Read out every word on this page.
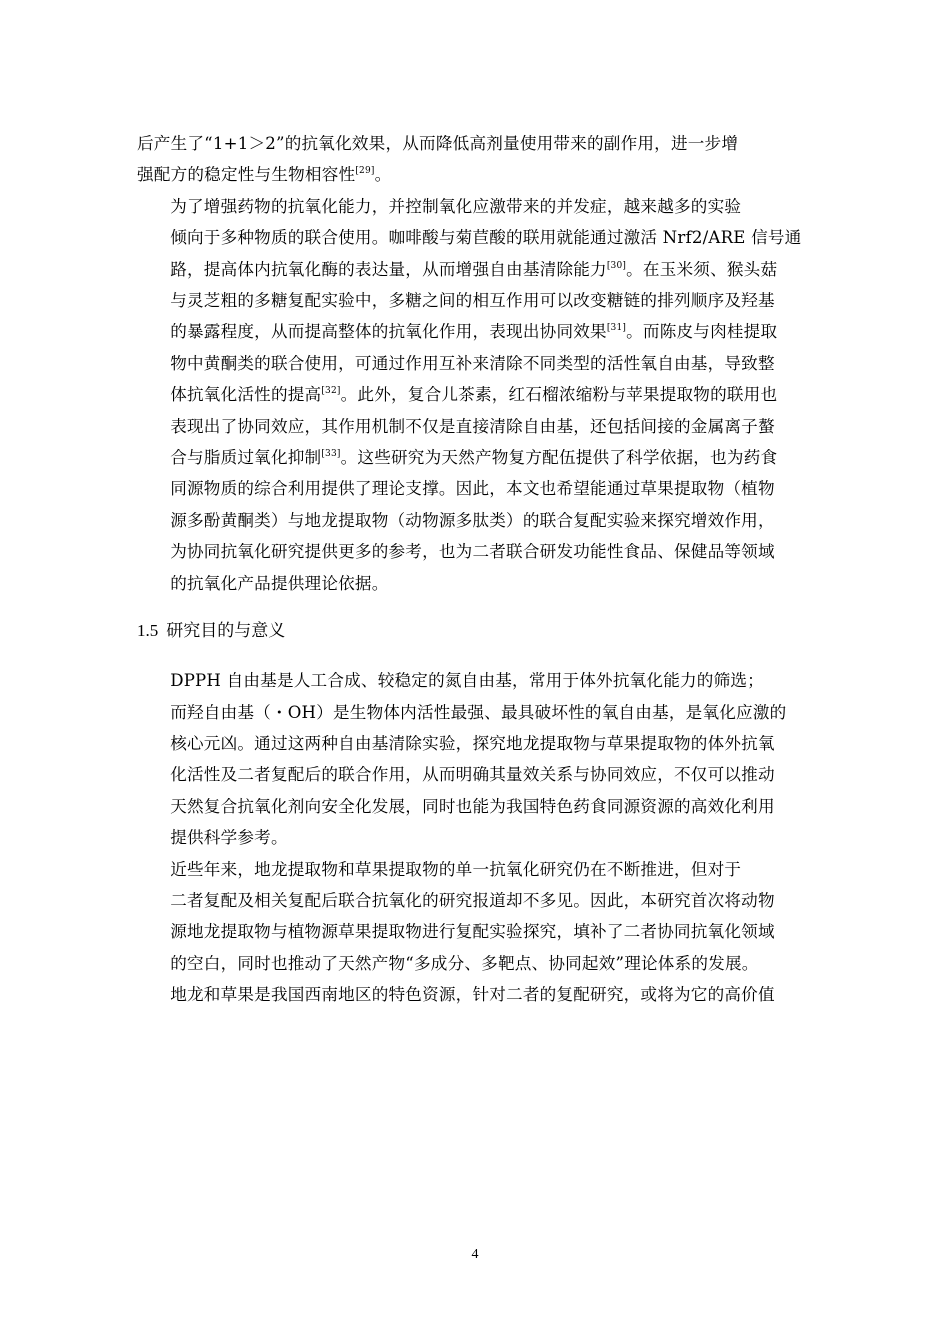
后产生了“1+1＞2”的抗氧化效果，从而降低高剂量使用带来的副作用，进一步增
强配方的稳定性与生物相容性[29]。

为了增强药物的抗氧化能力，并控制氧化应激带来的并发症，越来越多的实验
倾向于多种物质的联合使用。咖啡酸与菊苣酸的联用就能通过激活 Nrf2/ARE 信号通
路，提高体内抗氧化酶的表达量，从而增强自由基清除能力[30]。在玉米须、猴头菇
与灵芝粗的多糖复配实验中，多糖之间的相互作用可以改变糖链的排列顺序及羟基
的暴露程度，从而提高整体的抗氧化作用，表现出协同效果[31]。而陈皮与肉桂提取
物中黄酮类的联合使用，可通过作用互补来清除不同类型的活性氧自由基，导致整
体抗氧化活性的提高[32]。此外，复合儿茶素，红石榴浓缩粉与苹果提取物的联用也
表现出了协同效应，其作用机制不仅是直接清除自由基，还包括间接的金属离子螯
合与脂质过氧化抑制[33]。这些研究为天然产物复方配伍提供了科学依据，也为药食
同源物质的综合利用提供了理论支撑。因此，本文也希望能通过草果提取物（植物
源多酚黄酮类）与地龙提取物（动物源多肽类）的联合复配实验来探究增效作用，
为协同抗氧化研究提供更多的参考，也为二者联合研发功能性食品、保健品等领域
的抗氧化产品提供理论依据。

1.5 研究目的与意义

DPPH 自由基是人工合成、较稳定的氮自由基，常用于体外抗氧化能力的筛选；
而羟自由基（・OH）是生物体内活性最强、最具破坏性的氧自由基，是氧化应激的
核心元凶。通过这两种自由基清除实验，探究地龙提取物与草果提取物的体外抗氧
化活性及二者复配后的联合作用，从而明确其量效关系与协同效应，不仅可以推动
天然复合抗氧化剂向安全化发展，同时也能为我国特色药食同源资源的高效化利用
提供科学参考。

近些年来，地龙提取物和草果提取物的单一抗氧化研究仍在不断推进，但对于
二者复配及相关复配后联合抗氧化的研究报道却不多见。因此，本研究首次将动物
源地龙提取物与植物源草果提取物进行复配实验探究，填补了二者协同抗氧化领域
的空白，同时也推动了天然产物“多成分、多靶点、协同起效”理论体系的发展。
地龙和草果是我国西南地区的特色资源，针对二者的复配研究，或将为它的高价值

4
